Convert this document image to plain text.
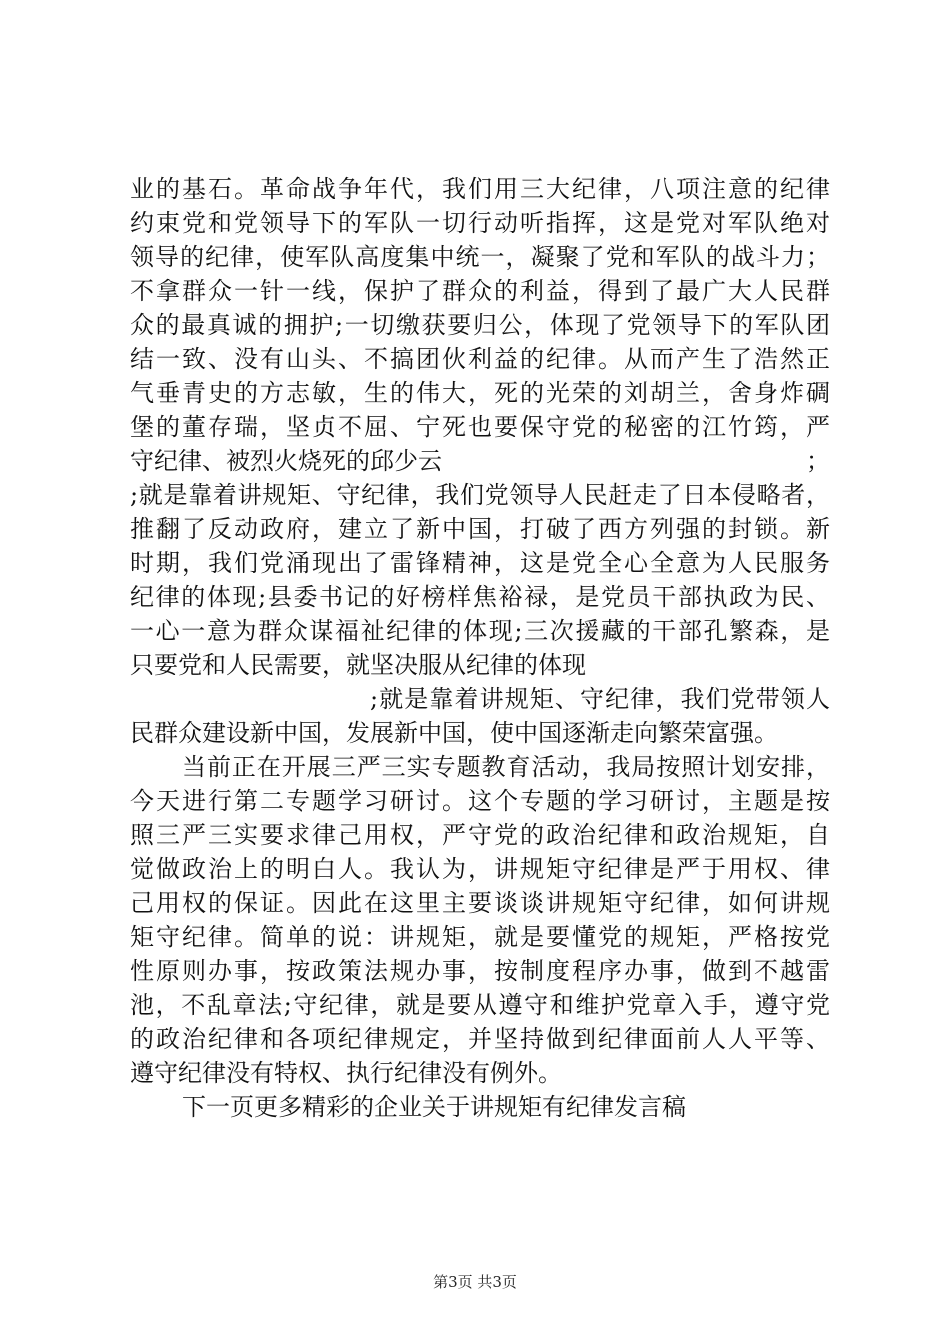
业的基石。革命战争年代，我们用三大纪律，八项注意的纪律
约束党和党领导下的军队一切行动听指挥，这是党对军队绝对
领导的纪律，使军队高度集中统一，凝聚了党和军队的战斗力；
不拿群众一针一线，保护了群众的利益，得到了最广大人民群
众的最真诚的拥护;一切缴获要归公，体现了党领导下的军队团
结一致、没有山头、不搞团伙利益的纪律。从而产生了浩然正
气垂青史的方志敏，生的伟大，死的光荣的刘胡兰，舍身炸碉
堡的董存瑞，坚贞不屈、宁死也要保守党的秘密的江竹筠，严
守纪律、被烈火烧死的邱少云	；
;就是靠着讲规矩、守纪律，我们党领导人民赶走了日本侵略者，
推翻了反动政府，建立了新中国，打破了西方列强的封锁。新
时期，我们党涌现出了雷锋精神，这是党全心全意为人民服务
纪律的体现;县委书记的好榜样焦裕禄，是党员干部执政为民、
一心一意为群众谋福祉纪律的体现;三次援藏的干部孔繁森，是
只要党和人民需要，就坚决服从纪律的体现
;就是靠着讲规矩、守纪律，我们党带领人
民群众建设新中国，发展新中国，使中国逐渐走向繁荣富强。
当前正在开展三严三实专题教育活动，我局按照计划安排，
今天进行第二专题学习研讨。这个专题的学习研讨，主题是按
照三严三实要求律己用权，严守党的政治纪律和政治规矩，自
觉做政治上的明白人。我认为，讲规矩守纪律是严于用权、律
己用权的保证。因此在这里主要谈谈讲规矩守纪律，如何讲规
矩守纪律。简单的说：讲规矩，就是要懂党的规矩，严格按党
性原则办事，按政策法规办事，按制度程序办事，做到不越雷
池，不乱章法;守纪律，就是要从遵守和维护党章入手，遵守党
的政治纪律和各项纪律规定，并坚持做到纪律面前人人平等、
遵守纪律没有特权、执行纪律没有例外。
下一页更多精彩的企业关于讲规矩有纪律发言稿
第3页 共3页
